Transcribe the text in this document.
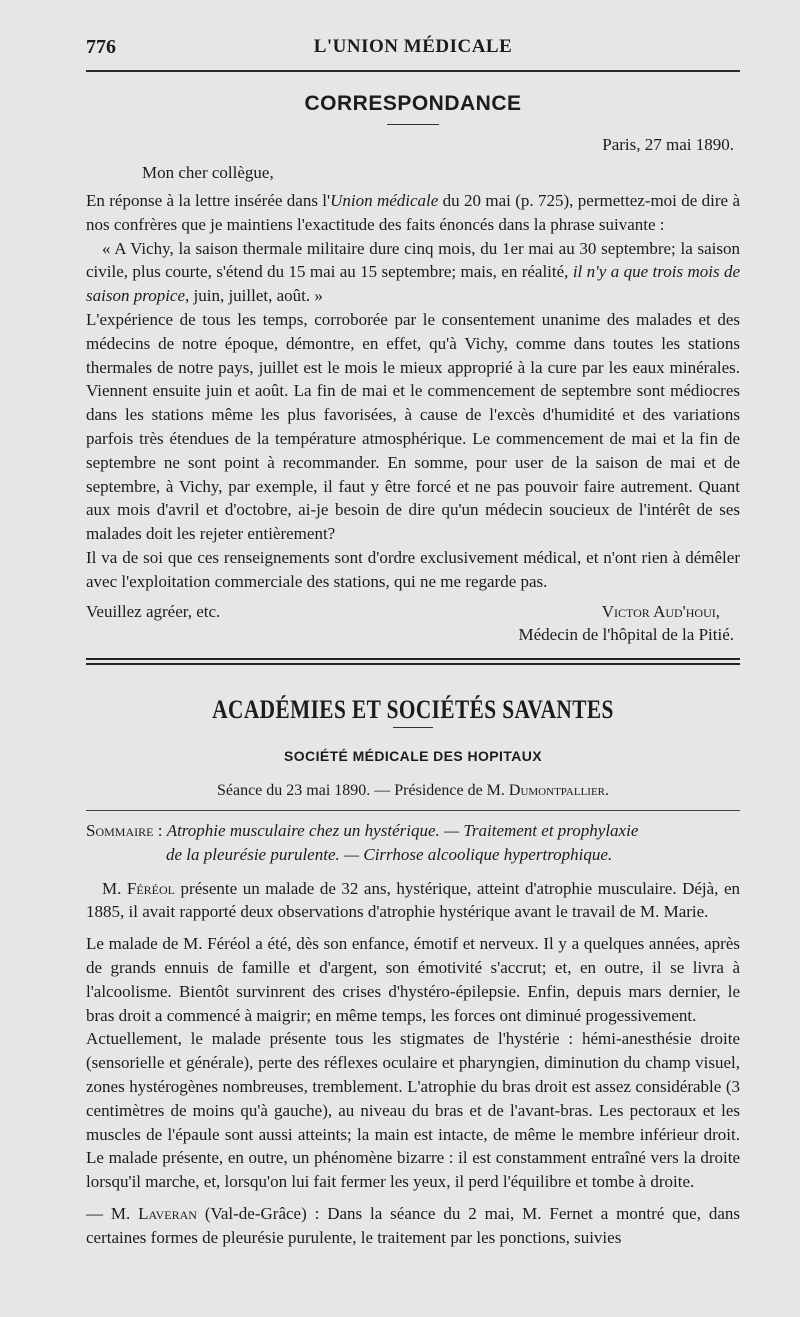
776	L'UNION MÉDICALE
CORRESPONDANCE
Paris, 27 mai 1890.
Mon cher collègue,

En réponse à la lettre insérée dans l'Union médicale du 20 mai (p. 725), permettez-moi de dire à nos confrères que je maintiens l'exactitude des faits énoncés dans la phrase suivante :

« A Vichy, la saison thermale militaire dure cinq mois, du 1er mai au 30 septembre; la saison civile, plus courte, s'étend du 15 mai au 15 septembre; mais, en réalité, il n'y a que trois mois de saison propice, juin, juillet, août. »

L'expérience de tous les temps, corroborée par le consentement unanime des malades et des médecins de notre époque, démontre, en effet, qu'à Vichy, comme dans toutes les stations thermales de notre pays, juillet est le mois le mieux approprié à la cure par les eaux minérales. Viennent ensuite juin et août. La fin de mai et le commencement de septembre sont médiocres dans les stations même les plus favorisées, à cause de l'excès d'humidité et des variations parfois très étendues de la température atmosphérique. Le commencement de mai et la fin de septembre ne sont point à recommander. En somme, pour user de la saison de mai et de septembre, à Vichy, par exemple, il faut y être forcé et ne pas pouvoir faire autrement. Quant aux mois d'avril et d'octobre, ai-je besoin de dire qu'un médecin soucieux de l'intérêt de ses malades doit les rejeter entièrement?

Il va de soi que ces renseignements sont d'ordre exclusivement médical, et n'ont rien à démêler avec l'exploitation commerciale des stations, qui ne me regarde pas.

Veuillez agréer, etc.	Victor Aud'houi,
Médecin de l'hôpital de la Pitié.
ACADÉMIES ET SOCIÉTÉS SAVANTES
SOCIÉTÉ MÉDICALE DES HOPITAUX
Séance du 23 mai 1890. — Présidence de M. Dumontpallier.
Sommaire : Atrophie musculaire chez un hystérique. — Traitement et prophylaxie
de la pleurésie purulente. — Cirrhose alcoolique hypertrophique.

M. Féréol présente un malade de 32 ans, hystérique, atteint d'atrophie musculaire. Déjà, en 1885, il avait rapporté deux observations d'atrophie hystérique avant le travail de M. Marie.

Le malade de M. Féréol a été, dès son enfance, émotif et nerveux. Il y a quelques années, après de grands ennuis de famille et d'argent, son émotivité s'accrut; et, en outre, il se livra à l'alcoolisme. Bientôt survinrent des crises d'hystéro-épilepsie. Enfin, depuis mars dernier, le bras droit a commencé à maigrir; en même temps, les forces ont diminué progessivement.

Actuellement, le malade présente tous les stigmates de l'hystérie : hémi-anesthésie droite (sensorielle et générale), perte des réflexes oculaire et pharyngien, diminution du champ visuel, zones hystérogènes nombreuses, tremblement. L'atrophie du bras droit est assez considérable (3 centimètres de moins qu'à gauche), au niveau du bras et de l'avant-bras. Les pectoraux et les muscles de l'épaule sont aussi atteints; la main est intacte, de même le membre inférieur droit. Le malade présente, en outre, un phénomène bizarre : il est constamment entraîné vers la droite lorsqu'il marche, et, lorsqu'on lui fait fermer les yeux, il perd l'équilibre et tombe à droite.

— M. Laveran (Val-de-Grâce) : Dans la séance du 2 mai, M. Fernet a montré que, dans certaines formes de pleurésie purulente, le traitement par les ponctions, suivies
